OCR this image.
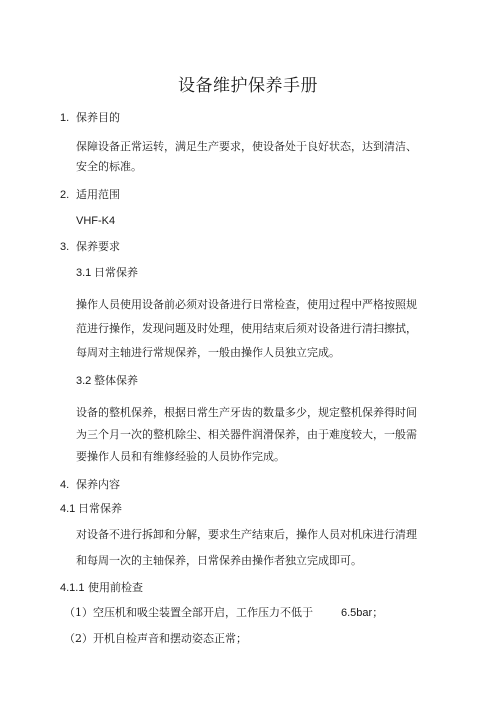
设备维护保养手册
1. 保养目的
保障设备正常运转，满足生产要求，使设备处于良好状态，达到清洁、
安全的标准。
2. 适用范围
VHF-K4
3. 保养要求
3.1 日常保养
操作人员使用设备前必须对设备进行日常检查，使用过程中严格按照规
范进行操作，发现问题及时处理，使用结束后须对设备进行清扫擦拭，
每周对主轴进行常规保养，一般由操作人员独立完成。
3.2 整体保养
设备的整机保养，根据日常生产牙齿的数量多少，规定整机保养得时间
为三个月一次的整机除尘、相关器件润滑保养，由于难度较大，一般需
要操作人员和有维修经验的人员协作完成。
4. 保养内容
4.1 日常保养
对设备不进行拆卸和分解，要求生产结束后，操作人员对机床进行清理
和每周一次的主轴保养，日常保养由操作者独立完成即可。
4.1.1 使用前检查
（1）空压机和吸尘装置全部开启，工作压力不低于	6.5bar；
（2）开机自检声音和摆动姿态正常；
